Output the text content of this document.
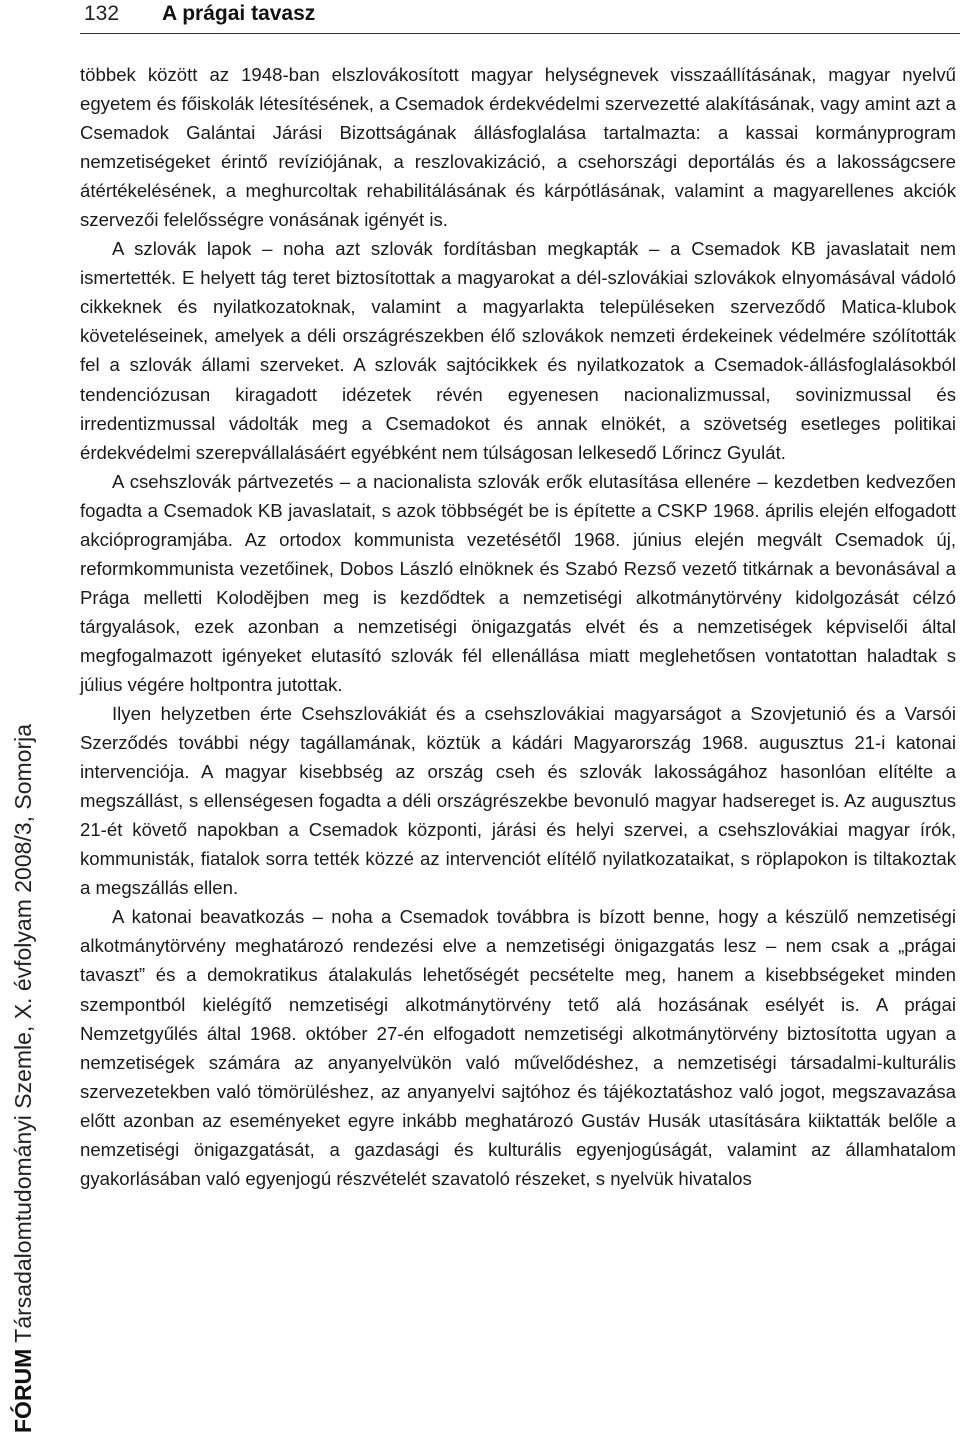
132 A prágai tavasz
FÓRUM Társadalomtudományi Szemle, X. évfolyam 2008/3, Somorja

többek között az 1948-ban elszlovákosított magyar helységnevek visszaállításának, magyar nyelvű egyetem és főiskolák létesítésének, a Csemadok érdekvédelmi szervezetté alakításának, vagy amint azt a Csemadok Galántai Járási Bizottságának állásfoglalása tartalmazta: a kassai kormányprogram nemzetiségeket érintő revíziójának, a reszlovakizáció, a csehországi deportálás és a lakosságcsere átértékelésének, a meghurcoltak rehabilitálásának és kárpótlásának, valamint a magyarellenes akciók szervezői felelősségre vonásának igényét is.

A szlovák lapok – noha azt szlovák fordításban megkapták – a Csemadok KB javaslatait nem ismertették. E helyett tág teret biztosítottak a magyarokat a dél-szlovákiai szlovákok elnyomásával vádoló cikkeknek és nyilatkozatoknak, valamint a magyarlakta településeken szerveződő Matica-klubok követeléseinek, amelyek a déli országrészekben élő szlovákok nemzeti érdekeinek védelmére szólították fel a szlovák állami szerveket. A szlovák sajtócikkek és nyilatkozatok a Csemadok-állásfoglalásokból tendenciózusan kiragadott idézetek révén egyenesen nacionalizmussal, sovinizmussal és irredentizmussal vádolták meg a Csemadokot és annak elnökét, a szövetség esetleges politikai érdekvédelmi szerepvállalásáért egyébként nem túlságosan lelkesedő Lőrincz Gyulát.

A csehszlovák pártvezetés – a nacionalista szlovák erők elutasítása ellenére – kezdetben kedvezően fogadta a Csemadok KB javaslatait, s azok többségét be is építette a CSKP 1968. április elején elfogadott akcióprogramjába. Az ortodox kommunista vezetésétől 1968. június elején megvált Csemadok új, reformkommunista vezetőinek, Dobos László elnöknek és Szabó Rezső vezető titkárnak a bevonásával a Prága melletti Kolodějben meg is kezdődtek a nemzetiségi alkotmánytörvény kidolgozását célzó tárgyalások, ezek azonban a nemzetiségi önigazgatás elvét és a nemzetiségek képviselői által megfogalmazott igényeket elutasító szlovák fél ellenállása miatt meglehetősen vontatottan haladtak s július végére holtpontra jutottak.

Ilyen helyzetben érte Csehszlovákiát és a csehszlovákiai magyarságot a Szovjetunió és a Varsói Szerződés további négy tagállamának, köztük a kádári Magyarország 1968. augusztus 21-i katonai intervenciója. A magyar kisebbség az ország cseh és szlovák lakosságához hasonlóan elítélte a megszállást, s ellenségesen fogadta a déli országrészekbe bevonuló magyar hadsereget is. Az augusztus 21-ét követő napokban a Csemadok központi, járási és helyi szervei, a csehszlovákiai magyar írók, kommunisták, fiatalok sorra tették közzé az intervenciót elítélő nyilatkozataikat, s röplapokon is tiltakoztak a megszállás ellen.

A katonai beavatkozás – noha a Csemadok továbbra is bízott benne, hogy a készülő nemzetiségi alkotmánytörvény meghatározó rendezési elve a nemzetiségi önigazgatás lesz – nem csak a „prágai tavaszt” és a demokratikus átalakulás lehetőségét pecsételte meg, hanem a kisebbségeket minden szempontból kielégítő nemzetiségi alkotmánytörvény tető alá hozásának esélyét is. A prágai Nemzetgyűlés által 1968. október 27-én elfogadott nemzetiségi alkotmánytörvény biztosította ugyan a nemzetiségek számára az anyanyelvükön való művelődéshez, a nemzetiségi társadalmi-kulturális szervezetekben való tömörüléshez, az anyanyelvi sajtóhoz és tájékoztatáshoz való jogot, megszavazása előtt azonban az eseményeket egyre inkább meghatározó Gustáv Husák utasítására kiiktatták belőle a nemzetiségi önigazgatását, a gazdasági és kulturális egyenjogúságát, valamint az államhatalom gyakorlásában való egyenjogú részvételét szavatoló részeket, s nyelvük hivatalos
